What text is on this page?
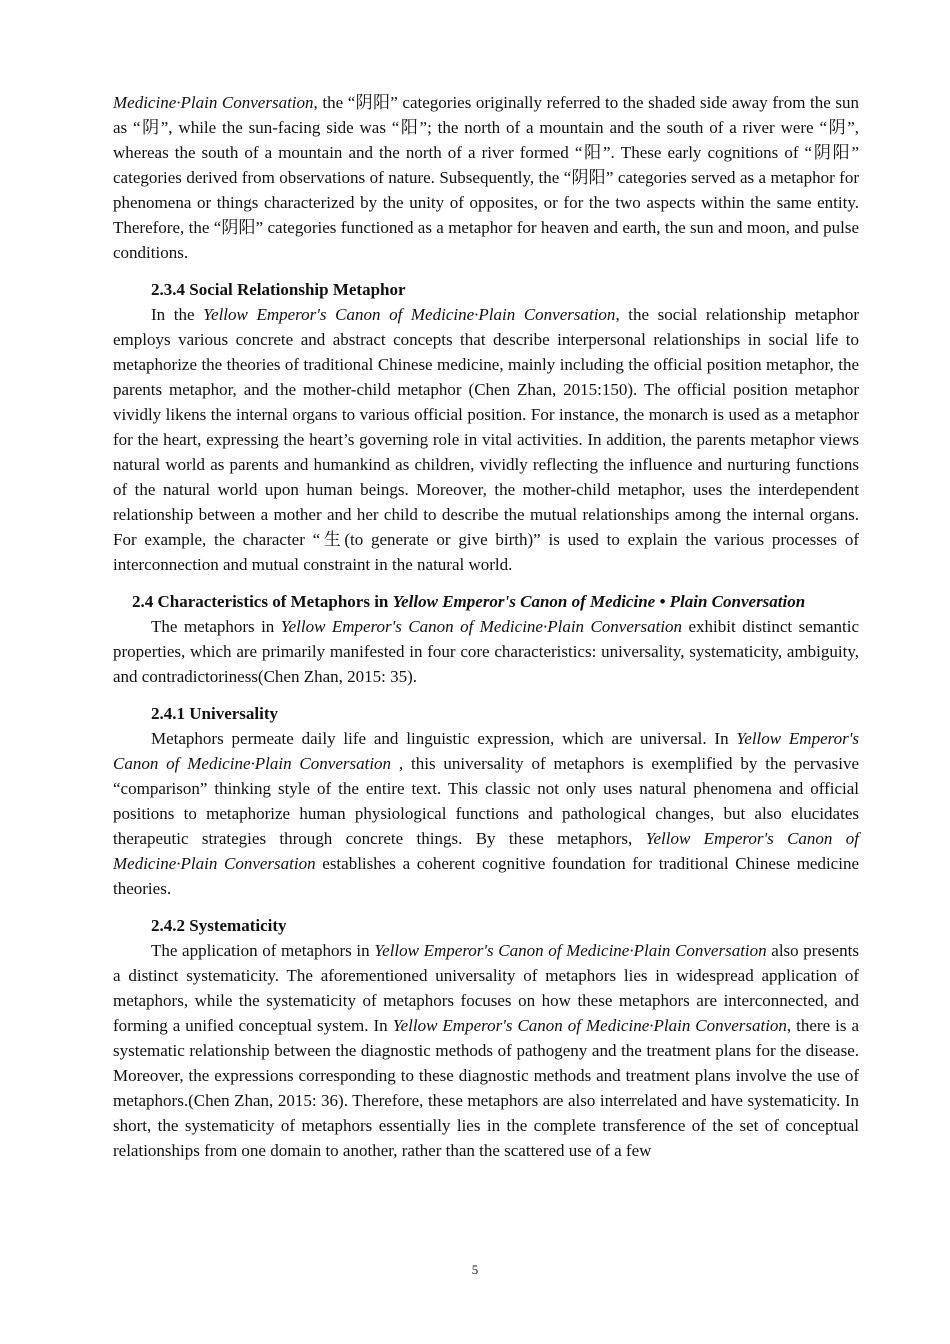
Medicine·Plain Conversation, the “阴阳” categories originally referred to the shaded side away from the sun as “阴”, while the sun-facing side was “阳”; the north of a mountain and the south of a river were “阴”, whereas the south of a mountain and the north of a river formed “阳”. These early cognitions of “阴阳” categories derived from observations of nature. Subsequently, the “阴阳” categories served as a metaphor for phenomena or things characterized by the unity of opposites, or for the two aspects within the same entity. Therefore, the “阴阳” categories functioned as a metaphor for heaven and earth, the sun and moon, and pulse conditions.

2.3.4 Social Relationship Metaphor

In the Yellow Emperor's Canon of Medicine·Plain Conversation, the social relationship metaphor employs various concrete and abstract concepts that describe interpersonal relationships in social life to metaphorize the theories of traditional Chinese medicine, mainly including the official position metaphor, the parents metaphor, and the mother-child metaphor (Chen Zhan, 2015:150). The official position metaphor vividly likens the internal organs to various official position. For instance, the monarch is used as a metaphor for the heart, expressing the heart’s governing role in vital activities. In addition, the parents metaphor views natural world as parents and humankind as children, vividly reflecting the influence and nurturing functions of the natural world upon human beings. Moreover, the mother-child metaphor, uses the interdependent relationship between a mother and her child to describe the mutual relationships among the internal organs. For example, the character “生(to generate or give birth)” is used to explain the various processes of interconnection and mutual constraint in the natural world.

2.4 Characteristics of Metaphors in Yellow Emperor's Canon of Medicine • Plain Conversation

The metaphors in Yellow Emperor's Canon of Medicine·Plain Conversation exhibit distinct semantic properties, which are primarily manifested in four core characteristics: universality, systematicity, ambiguity, and contradictoriness(Chen Zhan, 2015: 35).

2.4.1 Universality

Metaphors permeate daily life and linguistic expression, which are universal. In Yellow Emperor's Canon of Medicine·Plain Conversation , this universality of metaphors is exemplified by the pervasive “comparison” thinking style of the entire text. This classic not only uses natural phenomena and official positions to metaphorize human physiological functions and pathological changes, but also elucidates therapeutic strategies through concrete things. By these metaphors, Yellow Emperor's Canon of Medicine·Plain Conversation establishes a coherent cognitive foundation for traditional Chinese medicine theories.

2.4.2 Systematicity

The application of metaphors in Yellow Emperor's Canon of Medicine·Plain Conversation also presents a distinct systematicity. The aforementioned universality of metaphors lies in widespread application of metaphors, while the systematicity of metaphors focuses on how these metaphors are interconnected, and forming a unified conceptual system. In Yellow Emperor's Canon of Medicine·Plain Conversation, there is a systematic relationship between the diagnostic methods of pathogeny and the treatment plans for the disease. Moreover, the expressions corresponding to these diagnostic methods and treatment plans involve the use of metaphors.(Chen Zhan, 2015: 36). Therefore, these metaphors are also interrelated and have systematicity. In short, the systematicity of metaphors essentially lies in the complete transference of the set of conceptual relationships from one domain to another, rather than the scattered use of a few

5
